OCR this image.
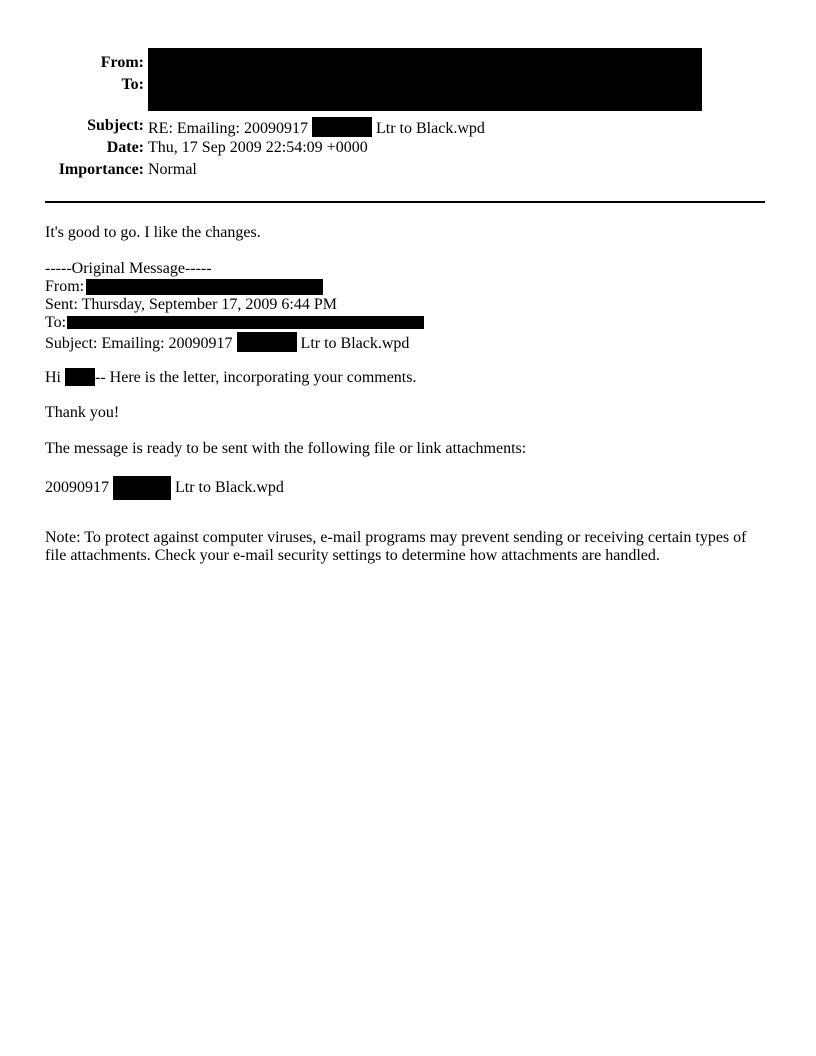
From:
To:
Subject: RE: Emailing: 20090917	Ltr to Black.wpd
Date: Thu, 17 Sep 2009 22:54:09 +0000
Importance: Normal
It's good to go. I like the changes.
-----Original Message-----
From:
Sent: Thursday, September 17, 2009 6:44 PM
To:
Subject: Emailing: 20090917	Ltr to Black.wpd
Hi -- Here is the letter, incorporating your comments.
Thank you!
The message is ready to be sent with the following file or link attachments:
20090917	Ltr to Black.wpd
Note: To protect against computer viruses, e-mail programs may prevent sending or receiving certain types of file attachments. Check your e-mail security settings to determine how attachments are handled.
